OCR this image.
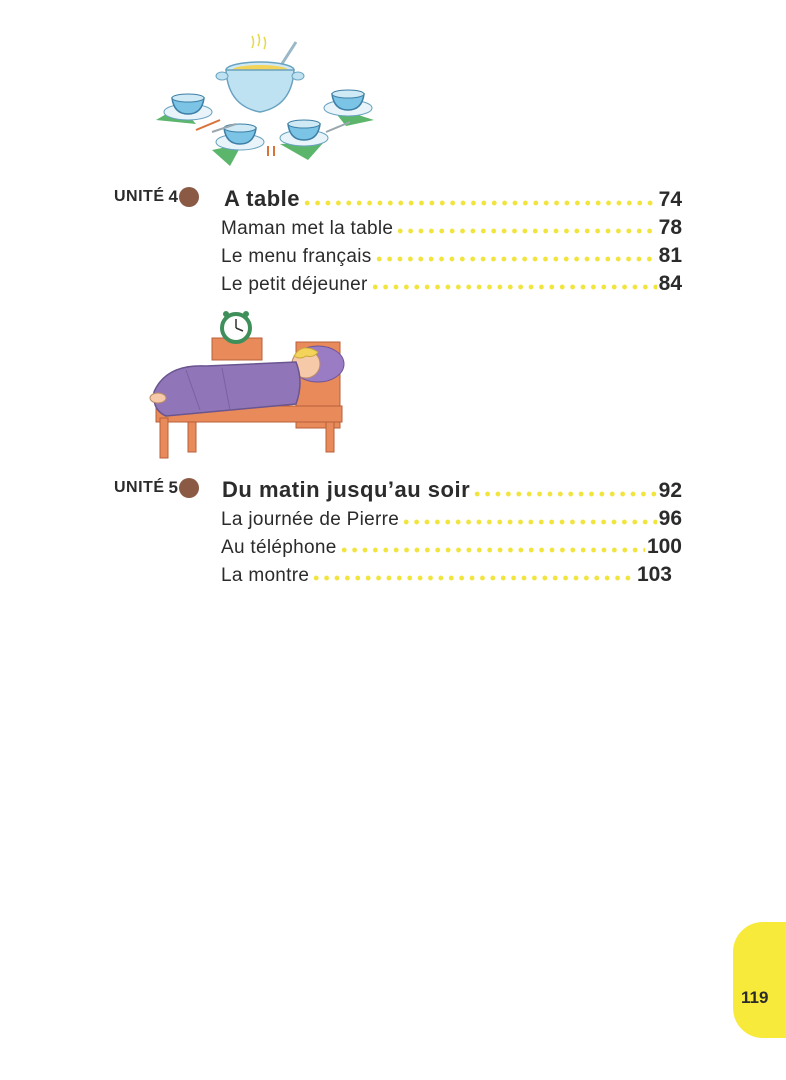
UNITÉ 4 A table	74
Maman met la table	78
Le menu français	81
Le petit déjeuner	84
UNITÉ 5 Du matin jusqu’au soir	92
La journée de Pierre	96
Au téléphone	100
La montre	103
119
